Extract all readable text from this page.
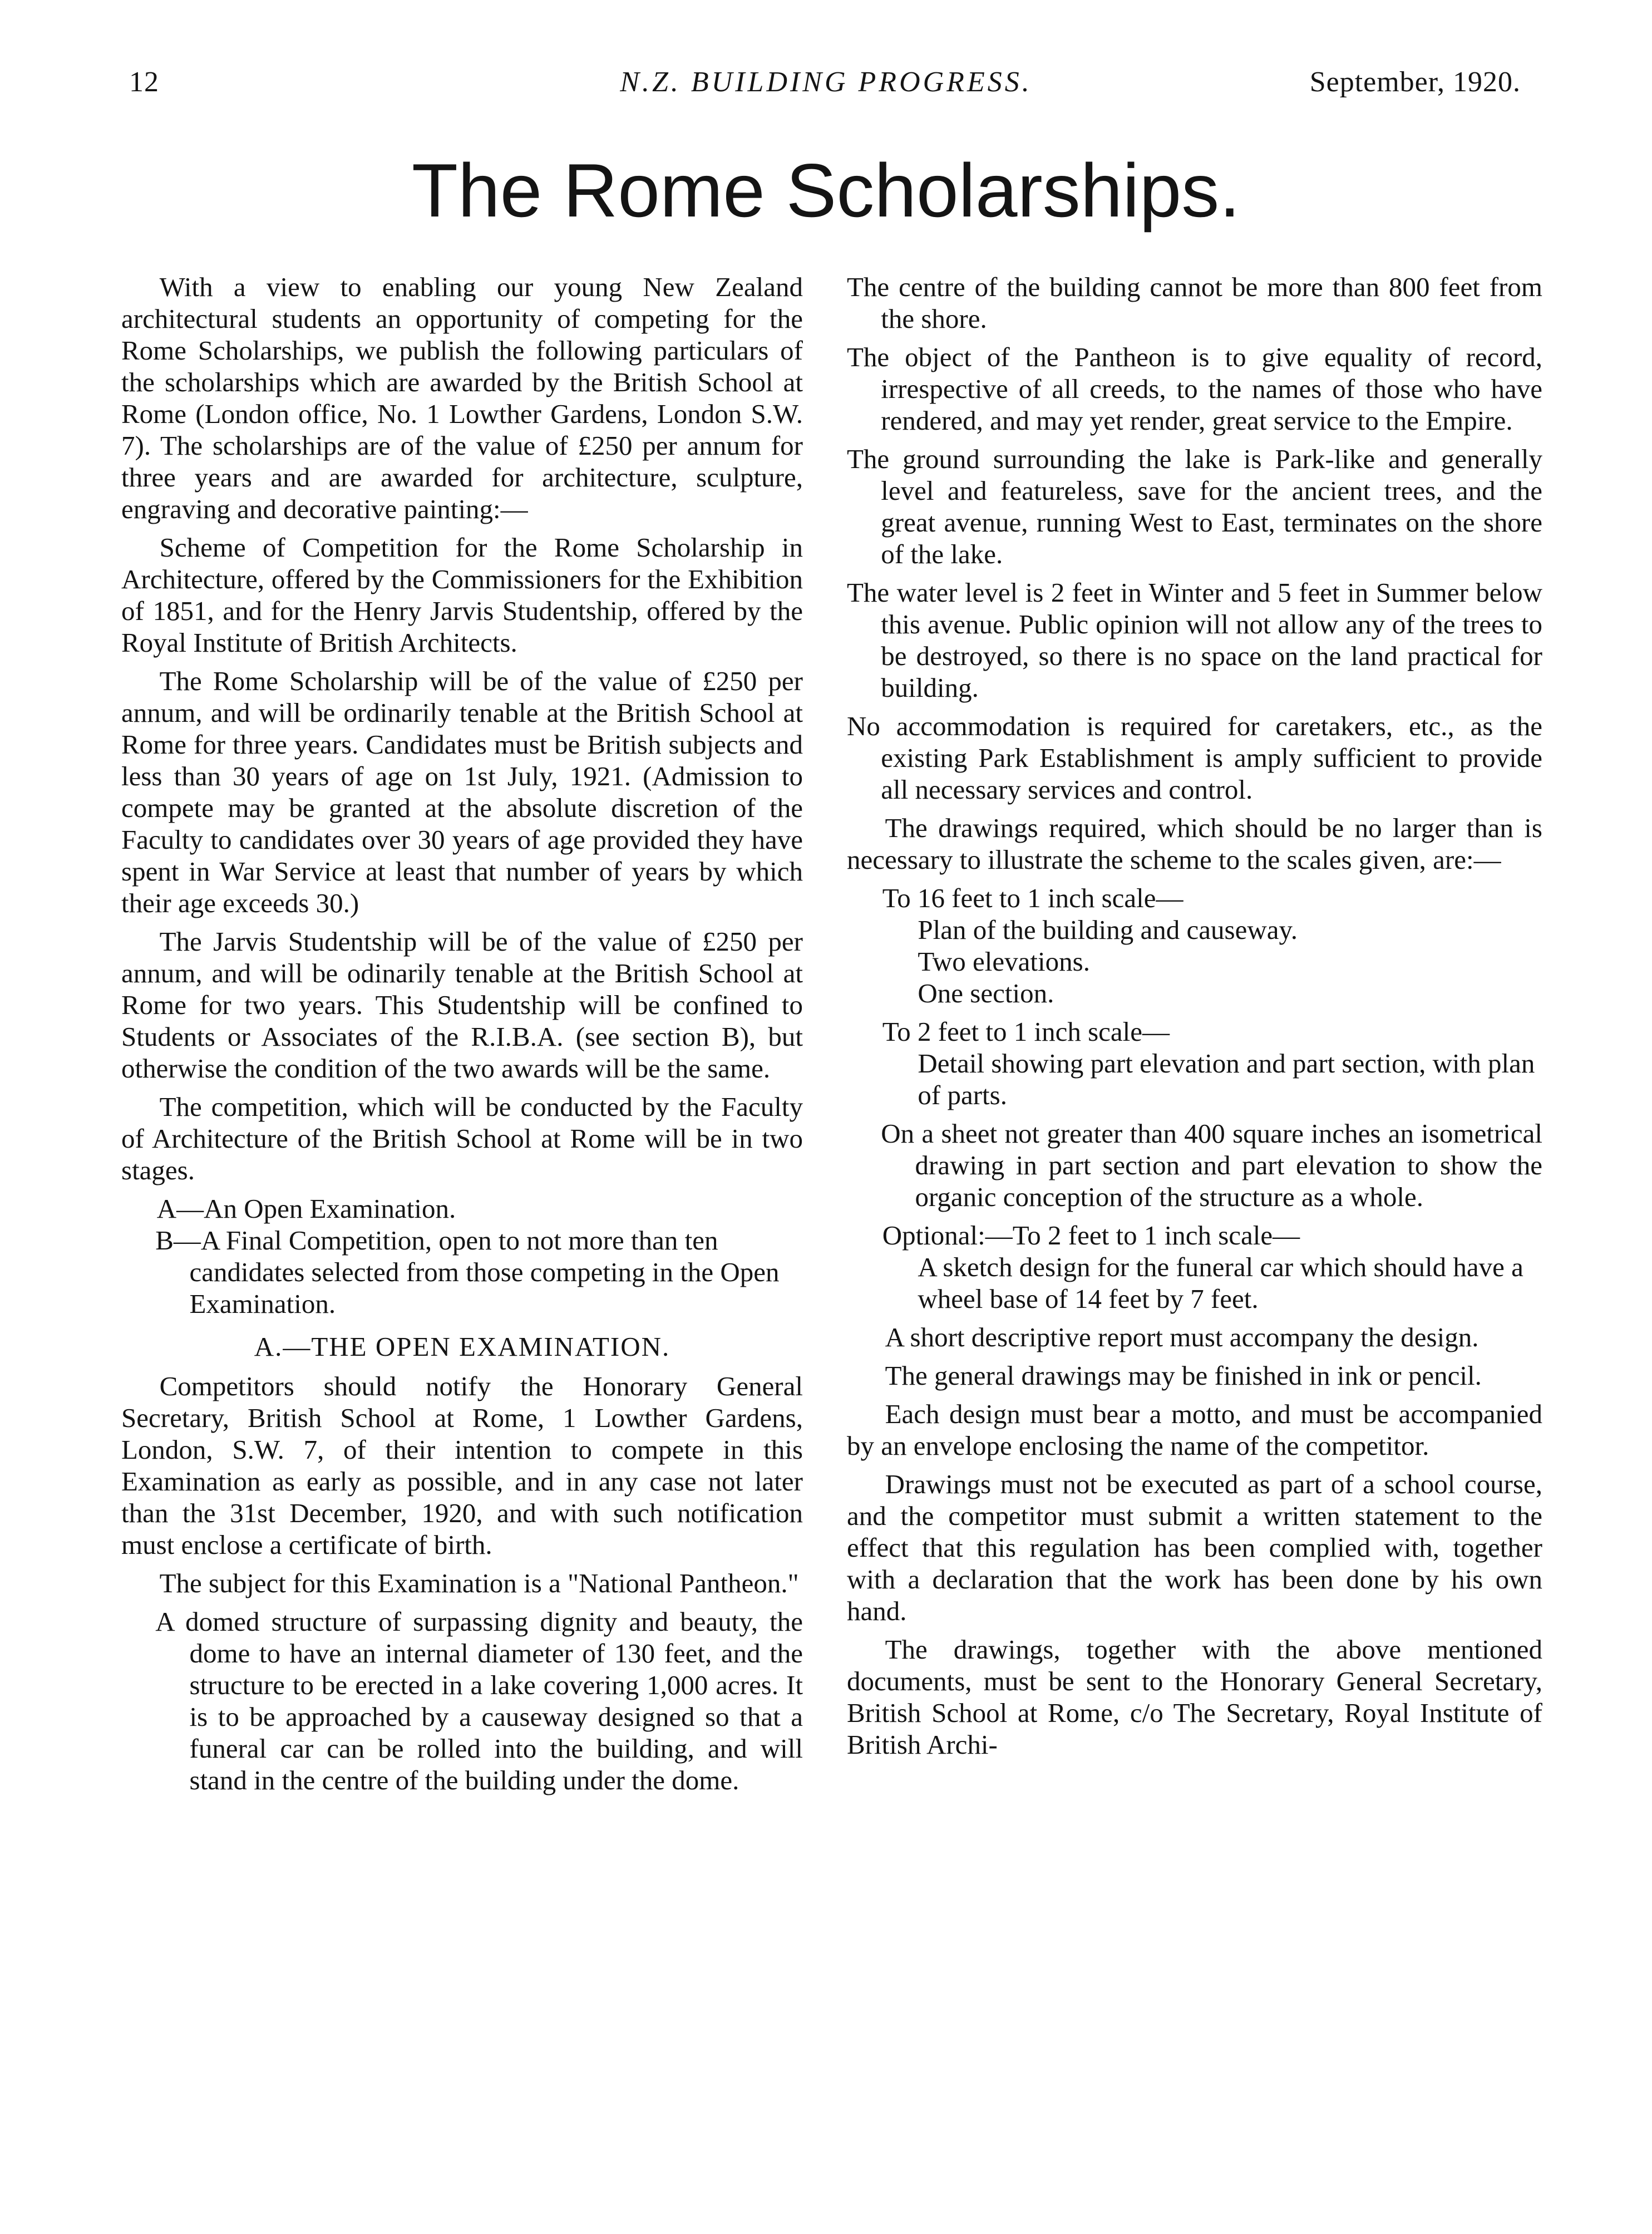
12	N.Z. BUILDING PROGRESS.	September, 1920.
The Rome Scholarships.

With a view to enabling our young New Zealand architectural students an opportunity of competing for the Rome Scholarships, we publish the following particulars of the scholarships which are awarded by the British School at Rome (London office, No. 1 Lowther Gardens, London S.W. 7). The scholarships are of the value of £250 per annum for three years and are awarded for architecture, sculpture, engraving and decorative painting:—

Scheme of Competition for the Rome Scholarship in Architecture, offered by the Commissioners for the Exhibition of 1851, and for the Henry Jarvis Studentship, offered by the Royal Institute of British Architects.

The Rome Scholarship will be of the value of £250 per annum, and will be ordinarily tenable at the British School at Rome for three years. Candidates must be British subjects and less than 30 years of age on 1st July, 1921. (Admission to compete may be granted at the absolute discretion of the Faculty to candidates over 30 years of age provided they have spent in War Service at least that number of years by which their age exceeds 30.)

The Jarvis Studentship will be of the value of £250 per annum, and will be odinarily tenable at the British School at Rome for two years. This Studentship will be confined to Students or Associates of the R.I.B.A. (see section B), but otherwise the condition of the two awards will be the same.

The competition, which will be conducted by the Faculty of Architecture of the British School at Rome will be in two stages.

A—An Open Examination.

B—A Final Competition, open to not more than ten candidates selected from those competing in the Open Examination.

A.—THE OPEN EXAMINATION.

Competitors should notify the Honorary General Secretary, British School at Rome, 1 Lowther Gardens, London, S.W. 7, of their intention to compete in this Examination as early as possible, and in any case not later than the 31st December, 1920, and with such notification must enclose a certificate of birth.

The subject for this Examination is a "National Pantheon."

A domed structure of surpassing dignity and beauty, the dome to have an internal diameter of 130 feet, and the structure to be erected in a lake covering 1,000 acres. It is to be approached by a causeway designed so that a funeral car can be rolled into the building, and will stand in the centre of the building under the dome.

The centre of the building cannot be more than 800 feet from the shore.

The object of the Pantheon is to give equality of record, irrespective of all creeds, to the names of those who have rendered, and may yet render, great service to the Empire.

The ground surrounding the lake is Park-like and generally level and featureless, save for the ancient trees, and the great avenue, running West to East, terminates on the shore of the lake.

The water level is 2 feet in Winter and 5 feet in Summer below this avenue. Public opinion will not allow any of the trees to be destroyed, so there is no space on the land practical for building.

No accommodation is required for caretakers, etc., as the existing Park Establishment is amply sufficient to provide all necessary services and control.

The drawings required, which should be no larger than is necessary to illustrate the scheme to the scales given, are:—

To 16 feet to 1 inch scale—

Plan of the building and causeway.

Two elevations.

One section.

To 2 feet to 1 inch scale—

Detail showing part elevation and part section, with plan of parts.

On a sheet not greater than 400 square inches an isometrical drawing in part section and part elevation to show the organic conception of the structure as a whole.

Optional:—To 2 feet to 1 inch scale—

A sketch design for the funeral car which should have a wheel base of 14 feet by 7 feet.

A short descriptive report must accompany the design.

The general drawings may be finished in ink or pencil.

Each design must bear a motto, and must be accompanied by an envelope enclosing the name of the competitor.

Drawings must not be executed as part of a school course, and the competitor must submit a written statement to the effect that this regulation has been complied with, together with a declaration that the work has been done by his own hand.

The drawings, together with the above mentioned documents, must be sent to the Honorary General Secretary, British School at Rome, c/o The Secretary, Royal Institute of British Archi-
